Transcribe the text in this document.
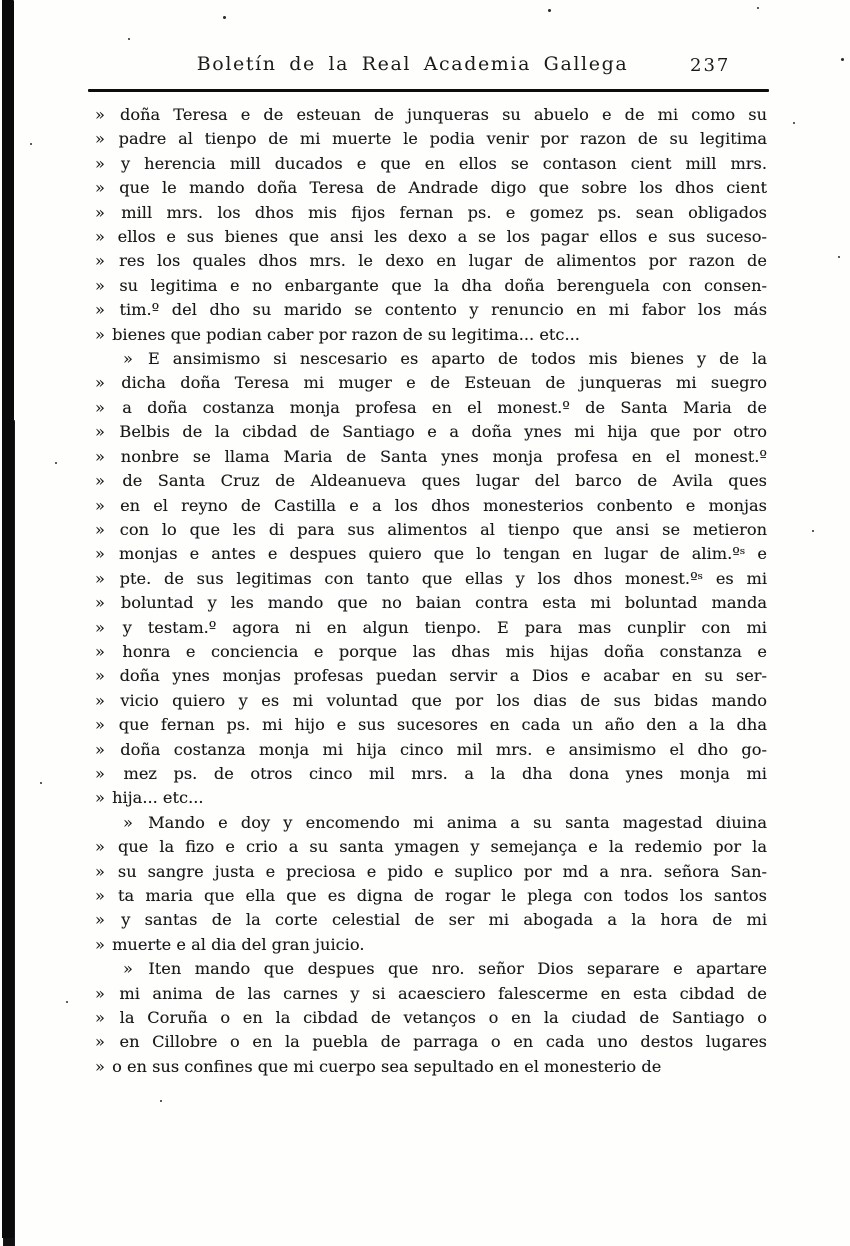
Boletín de la Real Academia Gallega	237
» doña Teresa e de esteuan de junqueras su abuelo e de mi como su
» padre al tienpo de mi muerte le podia venir por razon de su legitima
» y herencia mill ducados e que en ellos se contason cient mill mrs.
» que le mando doña Teresa de Andrade digo que sobre los dhos cient
» mill mrs. los dhos mis fijos fernan ps. e gomez ps. sean obligados
» ellos e sus bienes que ansi les dexo a se los pagar ellos e sus suceso-
» res los quales dhos mrs. le dexo en lugar de alimentos por razon de
» su legitima e no enbargante que la dha doña berenguela con consen-
» tim.º del dho su marido se contento y renuncio en mi fabor los más
» bienes que podian caber por razon de su legitima... etc...
» E ansimismo si nescesario es aparto de todos mis bienes y de la
» dicha doña Teresa mi muger e de Esteuan de junqueras mi suegro
» a doña costanza monja profesa en el monest.º de Santa Maria de
» Belbis de la cibdad de Santiago e a doña ynes mi hija que por otro
» nonbre se llama Maria de Santa ynes monja profesa en el monest.º
» de Santa Cruz de Aldeanueva ques lugar del barco de Avila ques
» en el reyno de Castilla e a los dhos monesterios conbento e monjas
» con lo que les di para sus alimentos al tienpo que ansi se metieron
» monjas e antes e despues quiero que lo tengan en lugar de alim.ºˢ e
» pte. de sus legitimas con tanto que ellas y los dhos monest.ºˢ es mi
» boluntad y les mando que no baian contra esta mi boluntad manda
» y testam.º agora ni en algun tienpo. E para mas cunplir con mi
» honra e conciencia e porque las dhas mis hijas doña constanza e
» doña ynes monjas profesas puedan servir a Dios e acabar en su ser-
» vicio quiero y es mi voluntad que por los dias de sus bidas mando
» que fernan ps. mi hijo e sus sucesores en cada un año den a la dha
» doña costanza monja mi hija cinco mil mrs. e ansimismo el dho go-
» mez ps. de otros cinco mil mrs. a la dha dona ynes monja mi
» hija... etc...
» Mando e doy y encomendo mi anima a su santa magestad diuina
» que la fizo e crio a su santa ymagen y semejança e la redemio por la
» su sangre justa e preciosa e pido e suplico por md a nra. señora San-
» ta maria que ella que es digna de rogar le plega con todos los santos
» y santas de la corte celestial de ser mi abogada a la hora de mi
» muerte e al dia del gran juicio.
» Iten mando que despues que nro. señor Dios separare e apartare
» mi anima de las carnes y si acaesciero falescerme en esta cibdad de
» la Coruña o en la cibdad de vetanços o en la ciudad de Santiago o
» en Cillobre o en la puebla de parraga o en cada uno destos lugares
» o en sus confines que mi cuerpo sea sepultado en el monesterio de
